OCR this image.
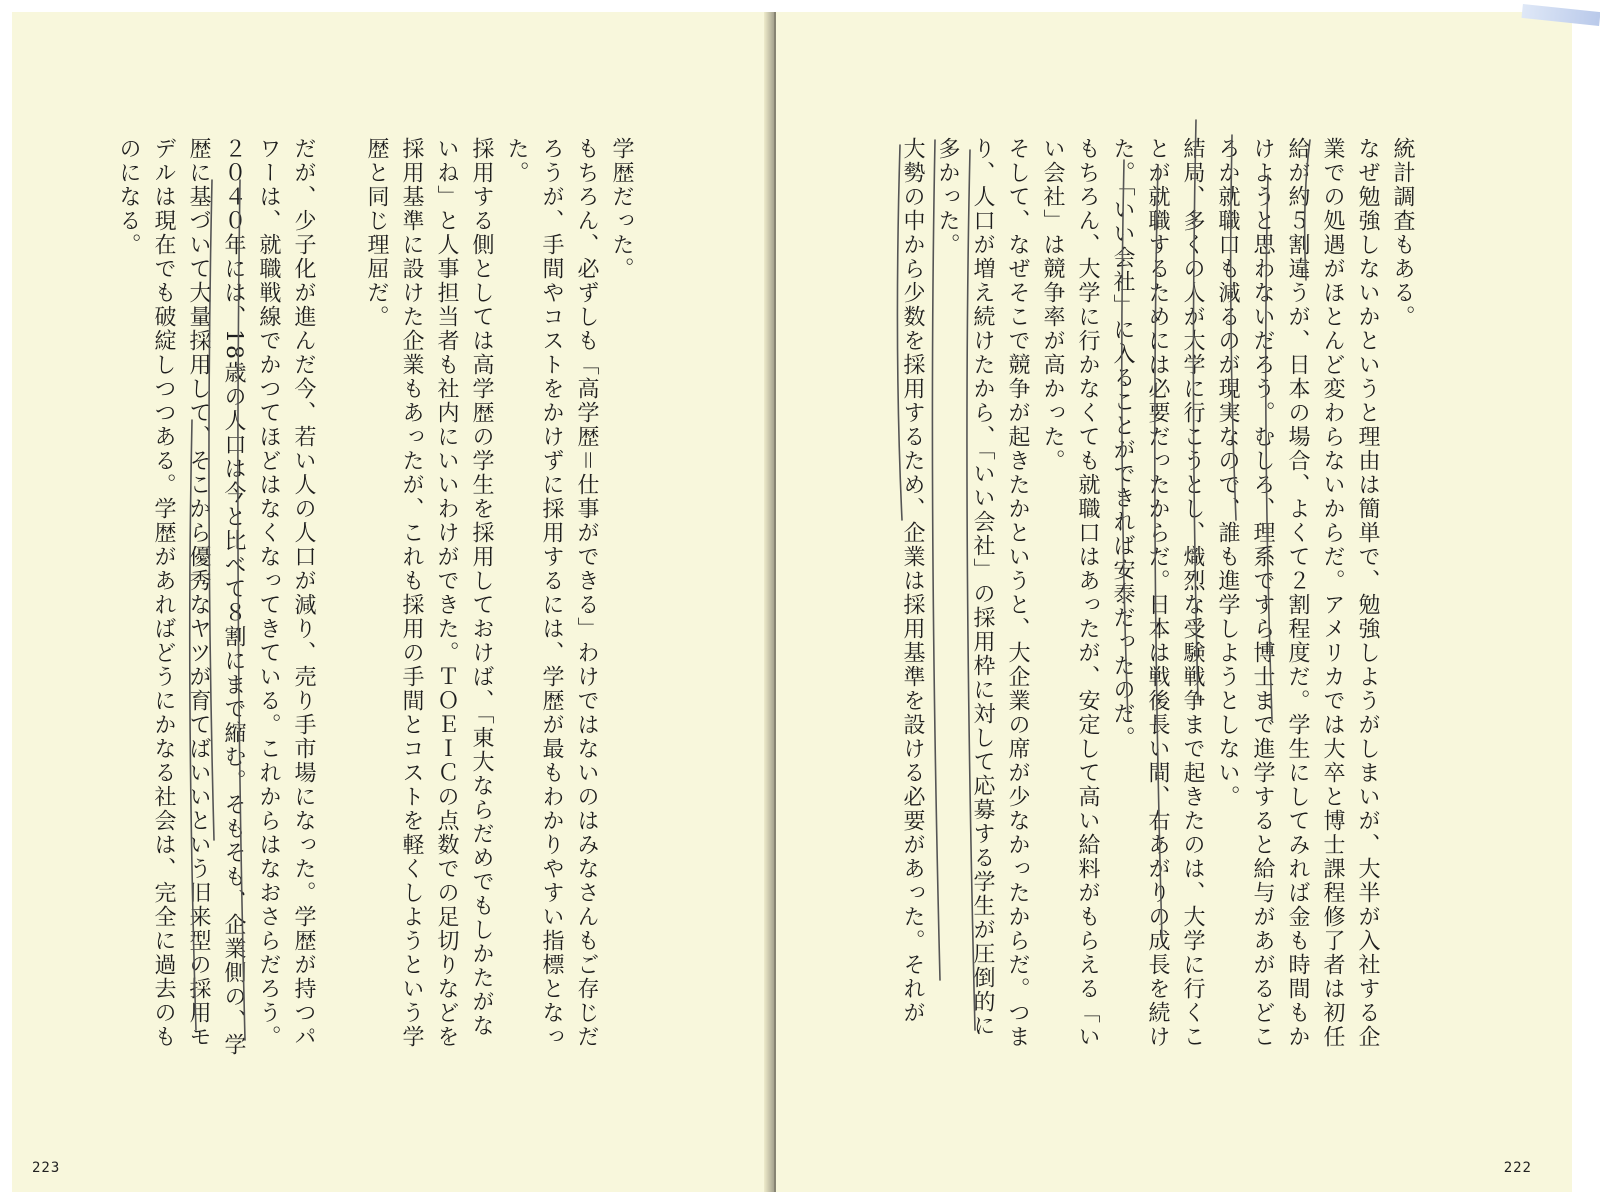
学歴だった。
もちろん、必ずしも「高学歴＝仕事ができる」わけではないのはみなさんもご存じだろうが、手間やコストをかけずに採用するには、学歴が最もわかりやすい指標となった。
採用する側としては高学歴の学生を採用しておけば、「東大ならだめでもしかたがないね」と人事担当者も社内にいいわけができた。ＴＯＥＩＣの点数での足切りなどを採用基準に設けた企業もあったが、これも採用の手間とコストを軽くしようという学歴と同じ理屈だ。
だが、少子化が進んだ今、若い人の人口が減り、売り手市場になった。学歴が持つパワーは、就職戦線でかつてほどはなくなってきている。これからはなおさらだろう。２０４０年には、18歳の人口は今と比べて８割にまで縮む。そもそも、企業側の、学歴に基づいて大量採用して、そこから優秀なヤツが育てばいいという旧来型の採用モデルは現在でも破綻しつつある。学歴があればどうにかなる社会は、完全に過去のものになる。
223
統計調査もある。
なぜ勉強しないかというと理由は簡単で、勉強しようがしまいが、大半が入社する企業での処遇がほとんど変わらないからだ。アメリカでは大卒と博士課程修了者は初任給が約５割違うが、日本の場合、よくて２割程度だ。学生にしてみれば金も時間もかけようと思わないだろう。むしろ、理系ですら博士まで進学すると給与があがるどころか就職口も減るのが現実なので、誰も進学しようとしない。
結局、多くの人が大学に行こうとし、熾烈な受験戦争まで起きたのは、大学に行くことが就職するためには必要だったからだ。日本は戦後長い間、右あがりの成長を続けた。「いい会社」に入ることができれば安泰だったのだ。
もちろん、大学に行かなくても就職口はあったが、安定して高い給料がもらえる「いい会社」は競争率が高かった。
そして、なぜそこで競争が起きたかというと、大企業の席が少なかったからだ。つまり、人口が増え続けたから、「いい会社」の採用枠に対して応募する学生が圧倒的に多かった。
大勢の中から少数を採用するため、企業は採用基準を設ける必要があった。それが
222
